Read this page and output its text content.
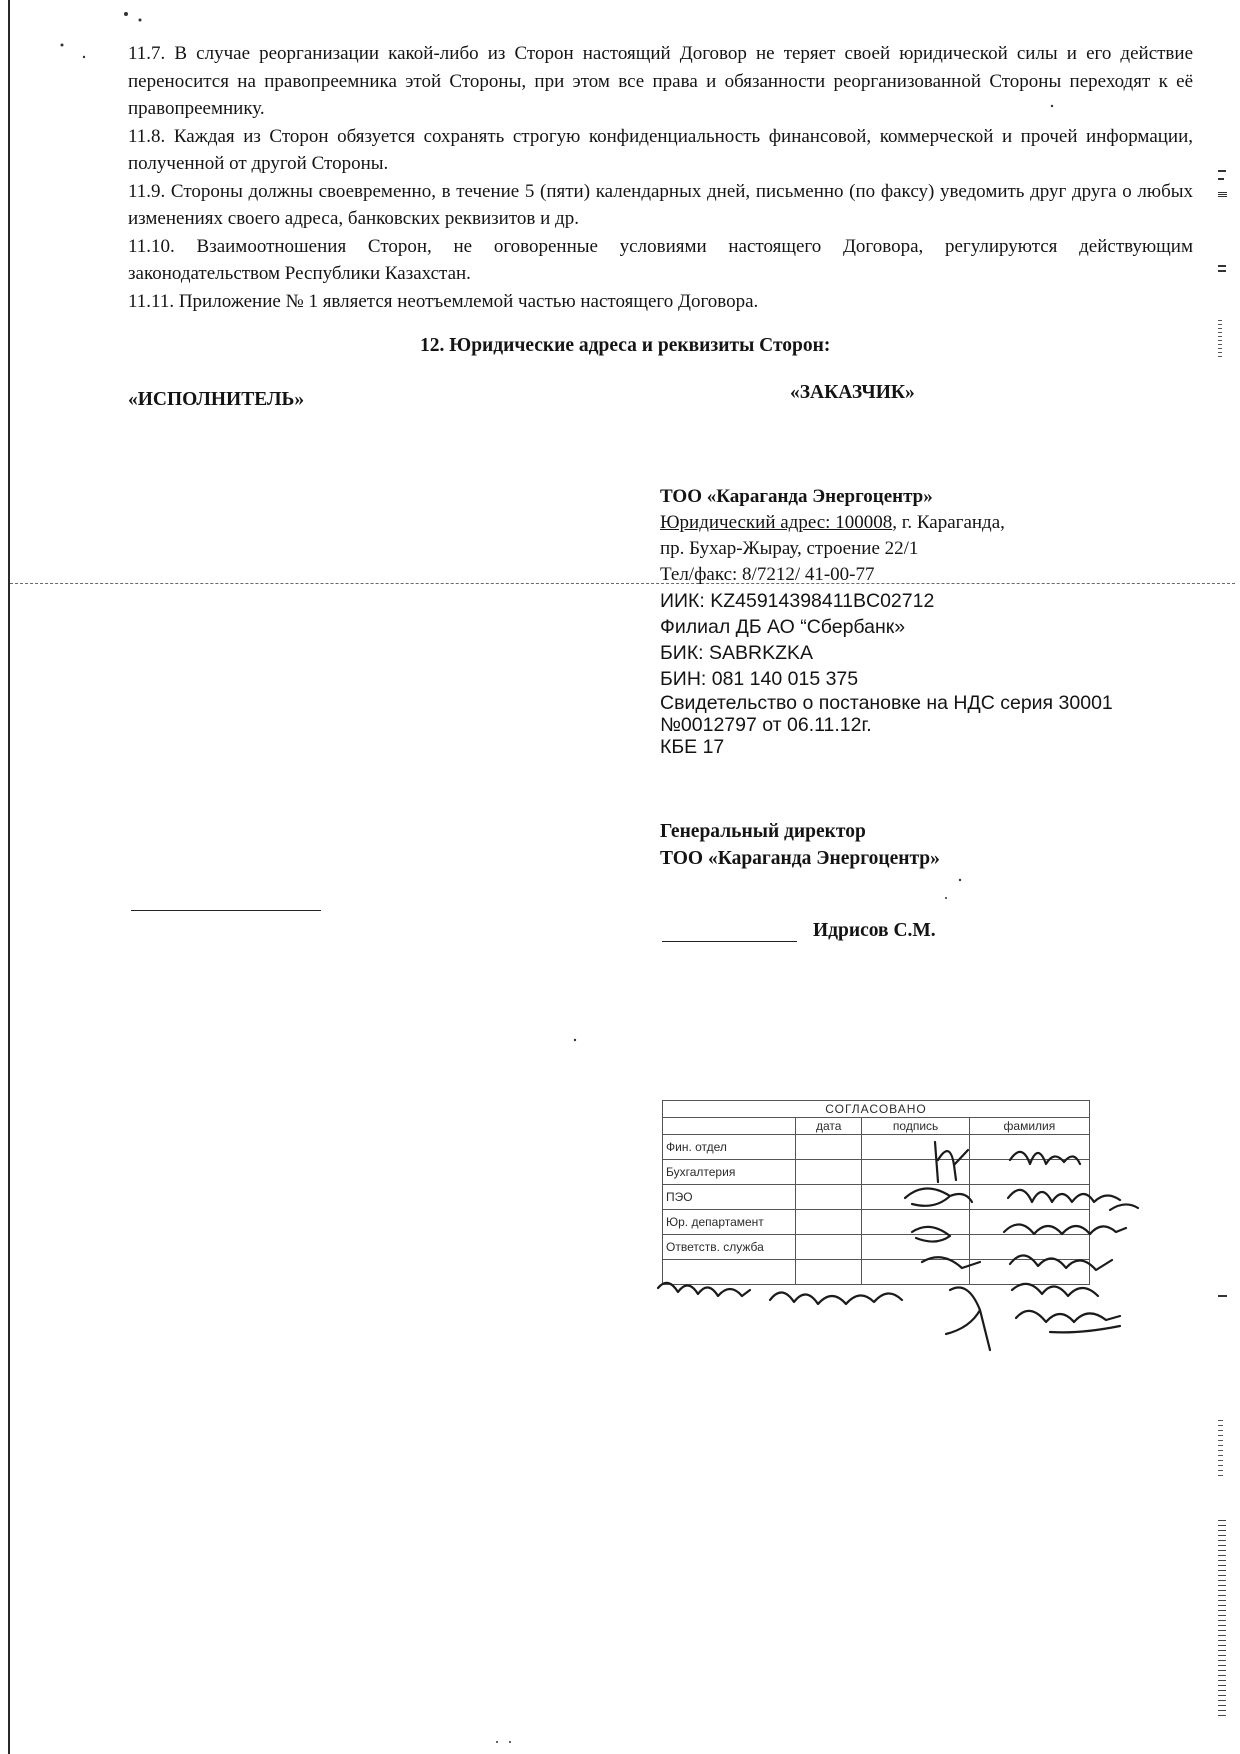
11.7. В случае реорганизации какой-либо из Сторон настоящий Договор не теряет своей юридической силы и его действие переносится на правопреемника этой Стороны, при этом все права и обязанности реорганизованной Стороны переходят к её правопреемнику.

11.8. Каждая из Сторон обязуется сохранять строгую конфиденциальность финансовой, коммерческой и прочей информации, полученной от другой Стороны.

11.9. Стороны должны своевременно, в течение 5 (пяти) календарных дней, письменно (по факсу) уведомить друг друга о любых изменениях своего адреса, банковских реквизитов и др.

11.10. Взаимоотношения Сторон, не оговоренные условиями настоящего Договора, регулируются действующим законодательством Республики Казахстан.

11.11. Приложение № 1 является неотъемлемой частью настоящего Договора.

12. Юридические адреса и реквизиты Сторон:
«ИСПОЛНИТЕЛЬ»	«ЗАКАЗЧИК»
ТОО «Караганда Энергоцентр»
Юридический адрес: 100008, г. Караганда,
пр. Бухар-Жырау, строение 22/1
Тел/факс: 8/7212/ 41-00-77
ИИК: KZ45914398411BC02712
Филиал ДБ АО “Сбербанк»
БИК: SABRKZKA
БИН: 081 140 015 375
Свидетельство о постановке на НДС серия 30001
№0012797 от 06.11.12г.
КБЕ 17
Генеральный директор
ТОО «Караганда Энергоцентр»
Идрисов С.М.
СОГЛАСОВАНО			
	дата	подпись	фамилия
Фин. отдел			
Бухгалтерия			
ПЭО			
Юр. департамент			
Ответств. служба			
